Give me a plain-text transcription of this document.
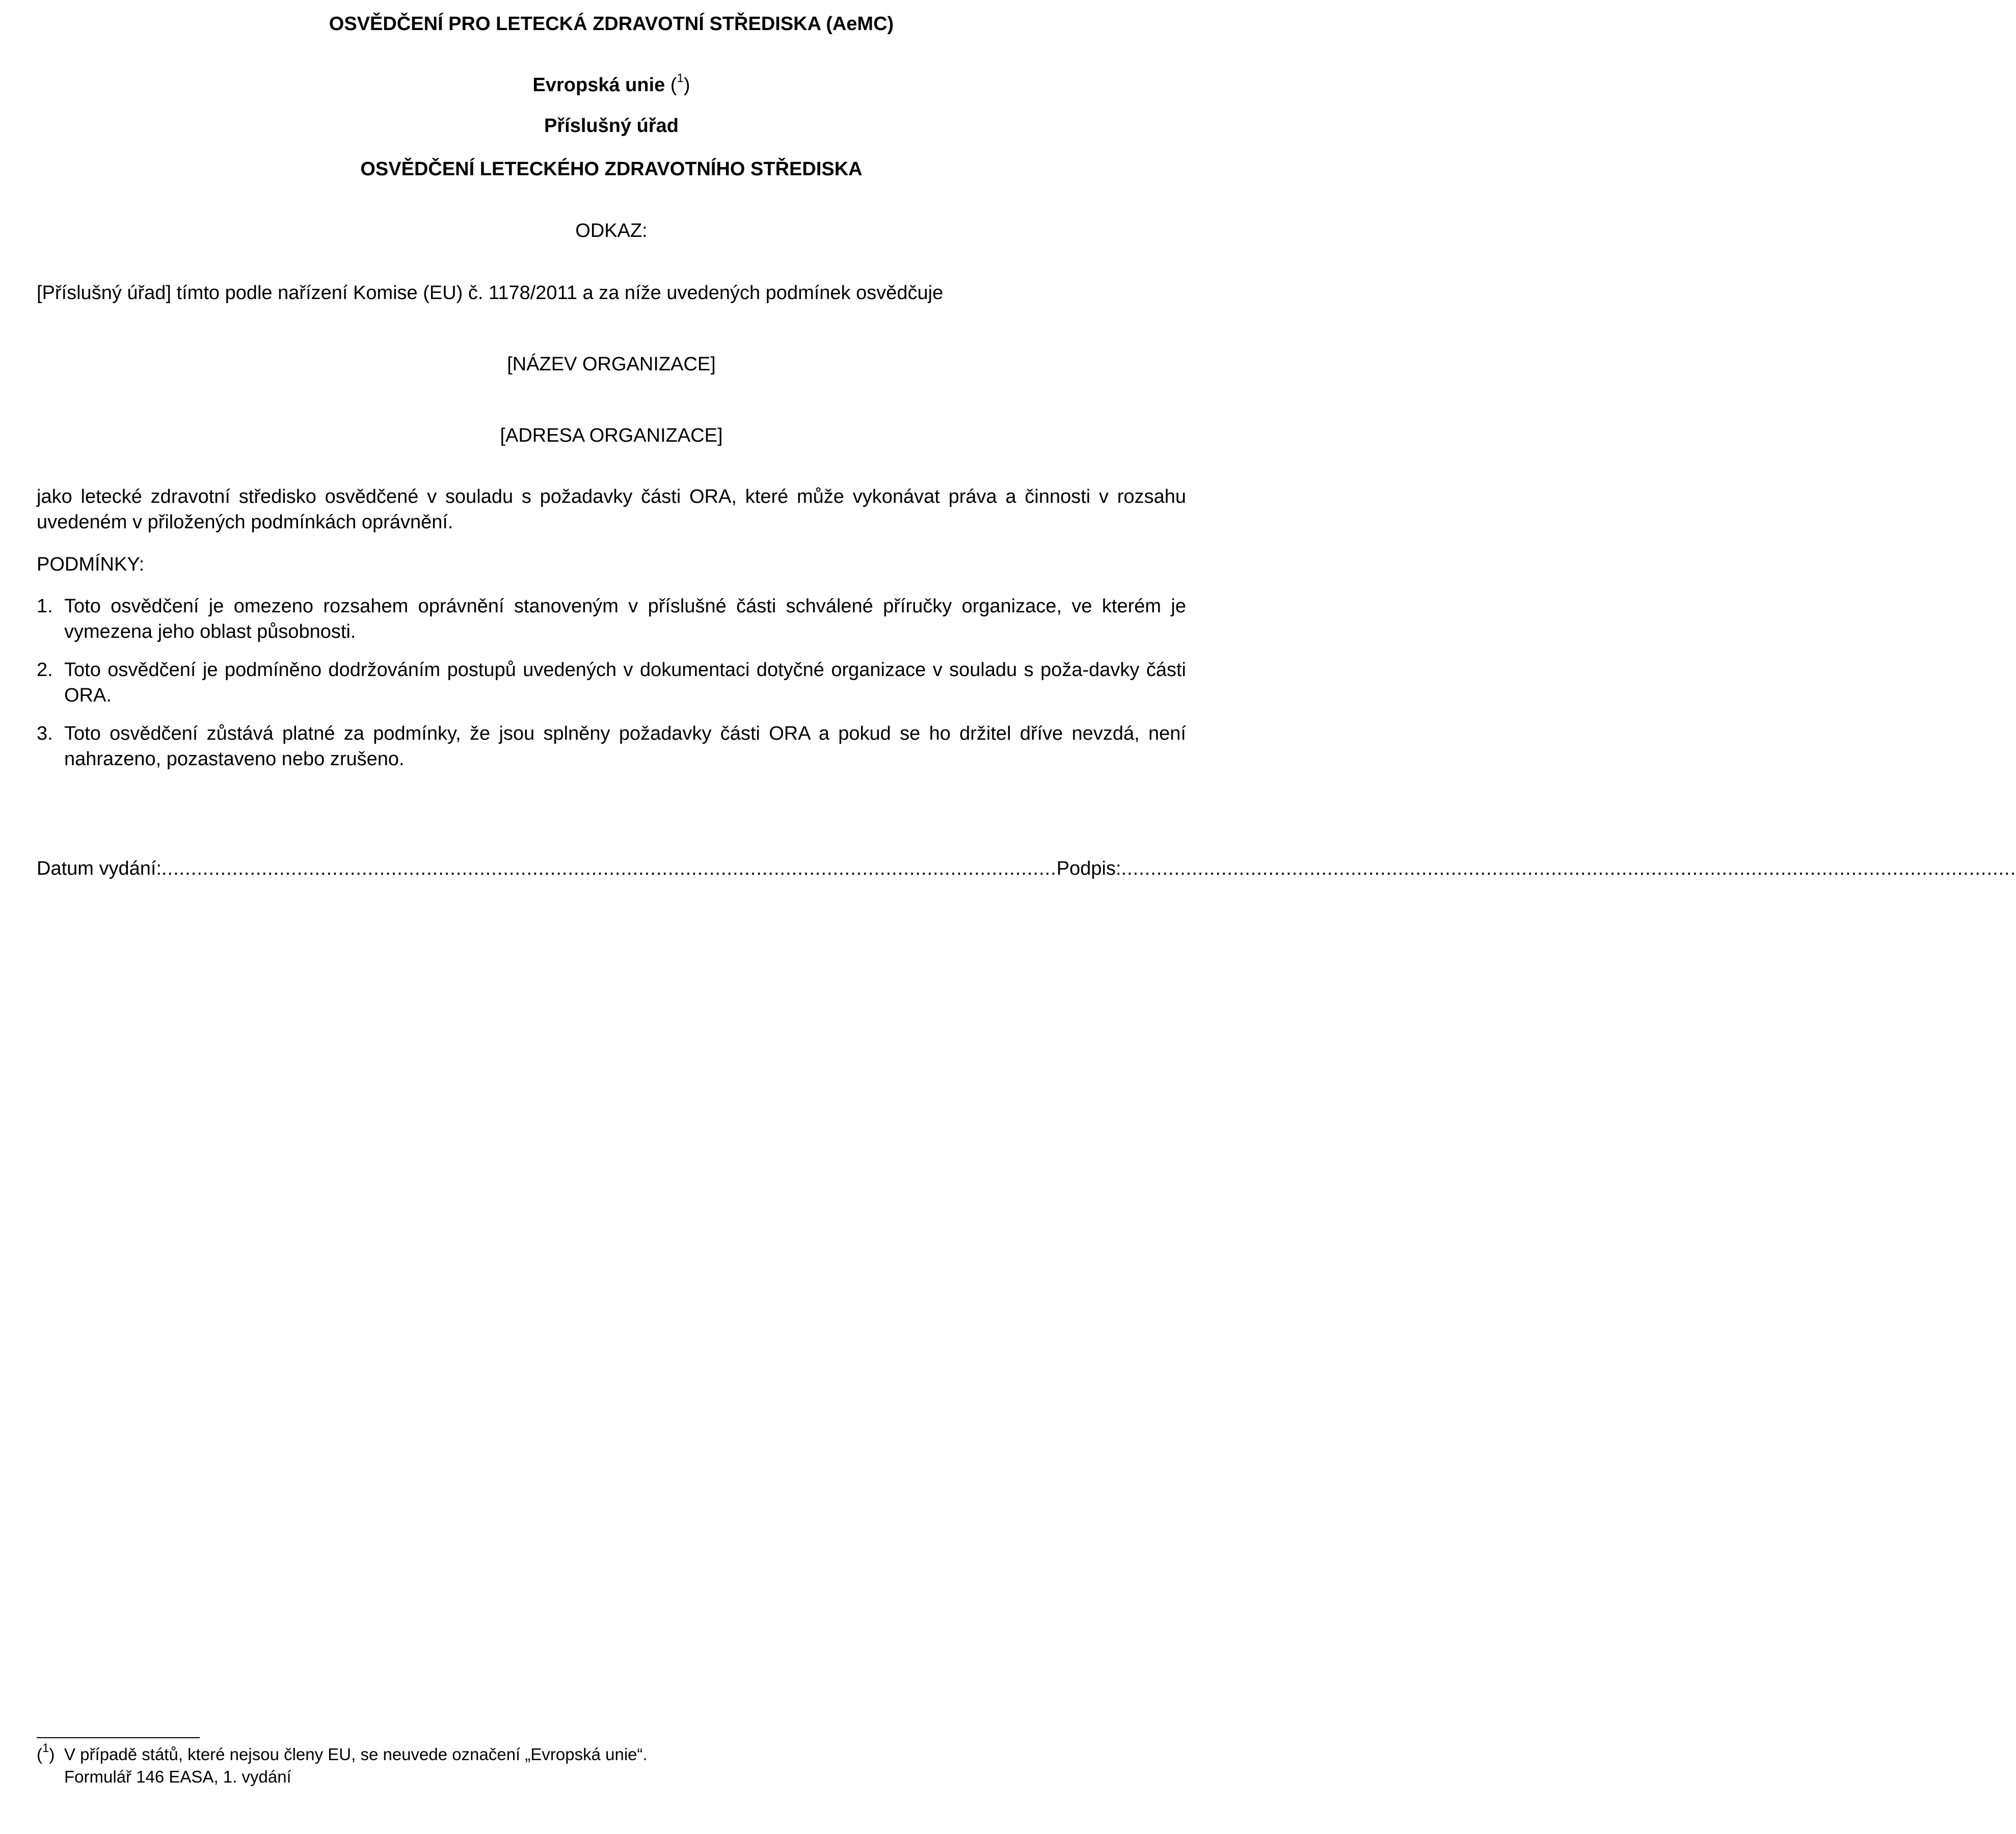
OSVĚDČENÍ PRO LETECKÁ ZDRAVOTNÍ STŘEDISKA (AeMC)
Evropská unie ($^1$)
Příslušný úřad
OSVĚDČENÍ LETECKÉHO ZDRAVOTNÍHO STŘEDISKA
ODKAZ:
[Příslušný úřad] tímto podle nařízení Komise (EU) č. 1178/2011 a za níže uvedených podmínek osvědčuje
[NÁZEV ORGANIZACE]
[ADRESA ORGANIZACE]
jako letecké zdravotní středisko osvědčené v souladu s požadavky části ORA, které může vykonávat práva a činnosti v rozsahu uvedeném v přiložených podmínkách oprávnění.
PODMÍNKY:
1. Toto osvědčení je omezeno rozsahem oprávnění stanoveným v příslušné části schválené příručky organizace, ve kterém je vymezena jeho oblast působnosti.
2. Toto osvědčení je podmíněno dodržováním postupů uvedených v dokumentaci dotyčné organizace v souladu s poža-davky části ORA.
3. Toto osvědčení zůstává platné za podmínky, že jsou splněny požadavky části ORA a pokud se ho držitel dříve nevzdá, není nahrazeno, pozastaveno nebo zrušeno.
Datum vydání: ........................................................................................................................................................ Podpis: ........................................................................................................................................................
($^1$) V případě států, které nejsou členy EU, se neuvede označení „Evropská unie“.
Formulář 146 EASA, 1. vydání
